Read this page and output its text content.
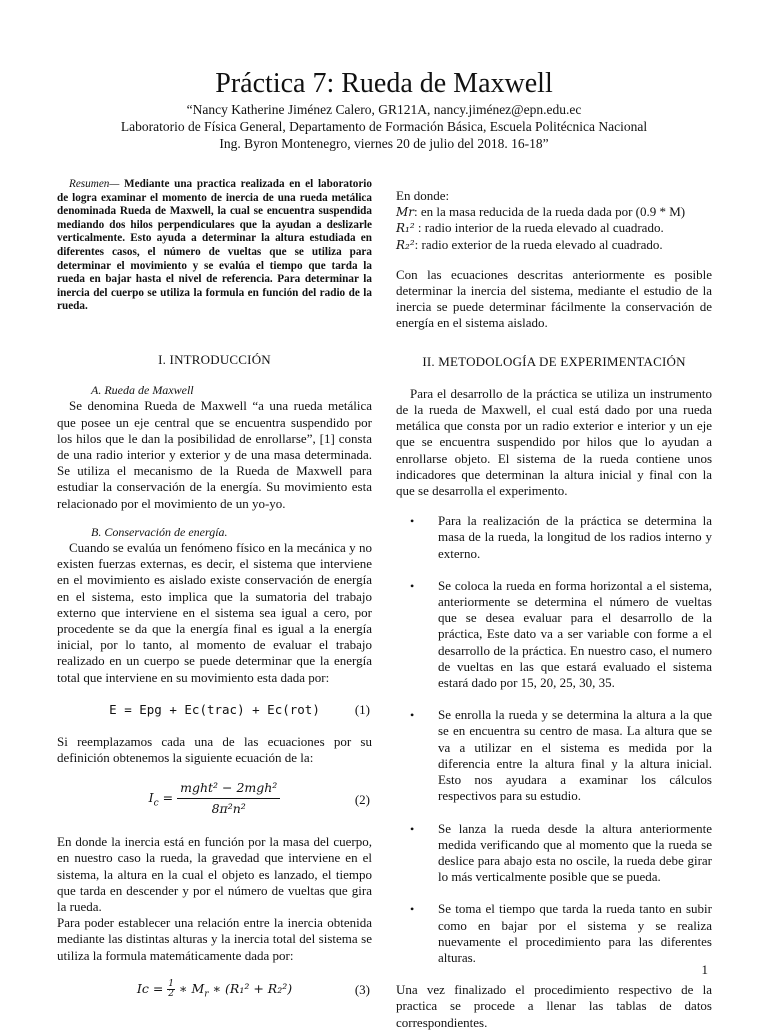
Práctica 7: Rueda de Maxwell
“Nancy Katherine Jiménez Calero, GR121A, nancy.jiménez@epn.edu.ec
Laboratorio de Física General, Departamento de Formación Básica, Escuela Politécnica Nacional
Ing. Byron Montenegro, viernes 20 de julio del 2018. 16-18”

Resumen— Mediante una practica realizada en el laboratorio de logra examinar el momento de inercia de una rueda metálica denominada Rueda de Maxwell, la cual se encuentra suspendida mediando dos hilos perpendiculares que la ayudan a deslizarle verticalmente. Esto ayuda a determinar la altura estudiada en diferentes casos, el número de vueltas que se utiliza para determinar el movimiento y se evalúa el tiempo que tarda la rueda en bajar hasta el nivel de referencia. Para determinar la inercia del cuerpo se utiliza la formula en función del radio de la rueda.

I. INTRODUCCIÓN
A. Rueda de Maxwell

Se denomina Rueda de Maxwell “a una rueda metálica que posee un eje central que se encuentra suspendido por los hilos que le dan la posibilidad de enrollarse”, [1] consta de una radio interior y exterior y de una masa determinada. Se utiliza el mecanismo de la Rueda de Maxwell para estudiar la conservación de la energía. Su movimiento esta relacionado por el movimiento de un yo-yo.

B. Conservación de energía.

Cuando se evalúa un fenómeno físico en la mecánica y no existen fuerzas externas, es decir, el sistema que interviene en el movimiento es aislado existe conservación de energía en el sistema, esto implica que la sumatoria del trabajo externo que interviene en el sistema sea igual a cero, por procedente se da que la energía final es igual a la energía inicial, por lo tanto, al momento de evaluar el trabajo realizado en un cuerpo se puede determinar que la energía total que interviene en su movimiento esta dada por:

E = Epg + Ec(trac) + Ec(rot)	(1)

Si reemplazamos cada una de las ecuaciones por su definición obtenemos la siguiente ecuación de la:

$I_c = \frac{\text{mght² − 2mgh²}}{\text{8π²n²}}$	(2)

En donde la inercia está en función por la masa del cuerpo, en nuestro caso la rueda, la gravedad que interviene en el sistema, la altura en la cual el objeto es lanzado, el tiempo que tarda en descender y por el número de vueltas que gira la rueda.

Para poder establecer una relación entre la inercia obtenida mediante las distintas alturas y la inercia total del sistema se utiliza la formula matemáticamente dada por:

$Ic = \frac{1}{2}$ ∗ $M_r$ ∗ (R₁² + R₂²)	(3)

En donde:

Mr: en la masa reducida de la rueda dada por (0.9 * M)

R₁² : radio interior de la rueda elevado al cuadrado.

R₂²: radio exterior de la rueda elevado al cuadrado.

Con las ecuaciones descritas anteriormente es posible determinar la inercia del sistema, mediante el estudio de la inercia se puede determinar fácilmente la conservación de energía en el sistema aislado.

II. METODOLOGÍA DE EXPERIMENTACIÓN

Para el desarrollo de la práctica se utiliza un instrumento de la rueda de Maxwell, el cual está dado por una rueda metálica que consta por un radio exterior e interior y un eje que se encuentra suspendido por hilos que lo ayudan a enrollarse objeto. El sistema de la rueda contiene unos indicadores que determinan la altura inicial y final con la que se desarrolla el experimento.

• Para la realización de la práctica se determina la masa de la rueda, la longitud de los radios interno y externo.
• Se coloca la rueda en forma horizontal a el sistema, anteriormente se determina el número de vueltas que se desea evaluar para el desarrollo de la práctica, Este dato va a ser variable con forme a el desarrollo de la práctica. En nuestro caso, el numero de vueltas en las que estará evaluado el sistema estará dado por 15, 20, 25, 30, 35.
• Se enrolla la rueda y se determina la altura a la que se en encuentra su centro de masa. La altura que se va a utilizar en el sistema es medida por la diferencia entre la altura final y la altura inicial. Esto nos ayudara a examinar los cálculos respectivos para su estudio.
• Se lanza la rueda desde la altura anteriormente medida verificando que al momento que la rueda se deslice para abajo esta no oscile, la rueda debe girar lo más verticalmente posible que se pueda.
• Se toma el tiempo que tarda la rueda tanto en subir como en bajar por el sistema y se realiza nuevamente el procedimiento para las diferentes alturas.

Una vez finalizado el procedimiento respectivo de la practica se procede a llenar las tablas de datos correspondientes.

1
